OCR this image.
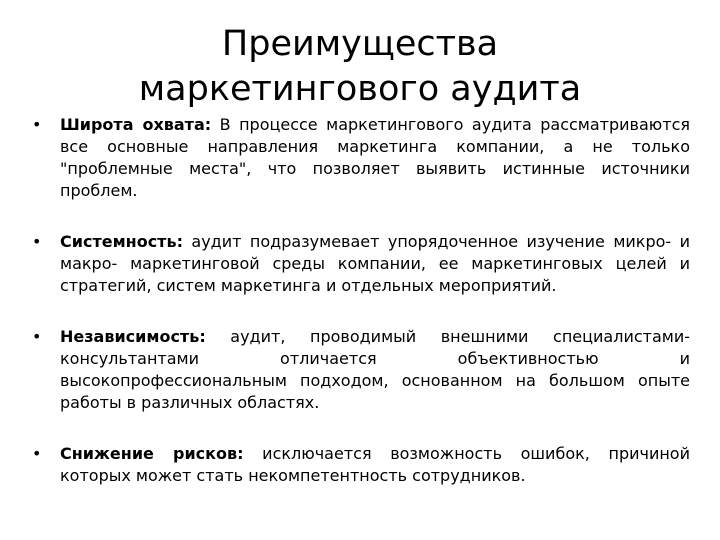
Преимущества маркетингового аудита
• Широта охвата: В процессе маркетингового аудита рассматриваются все основные направления маркетинга компании, а не только "проблемные места", что позволяет выявить истинные источники проблем.
• Системность: аудит подразумевает упорядоченное изучение микро- и макро- маркетинговой среды компании, ее маркетинговых целей и стратегий, систем маркетинга и отдельных мероприятий.
• Независимость: аудит, проводимый внешними специалистами-консультантами отличается объективностью и высокопрофессиональным подходом, основанном на большом опыте работы в различных областях.
• Снижение рисков: исключается возможность ошибок, причиной которых может стать некомпетентность сотрудников.
